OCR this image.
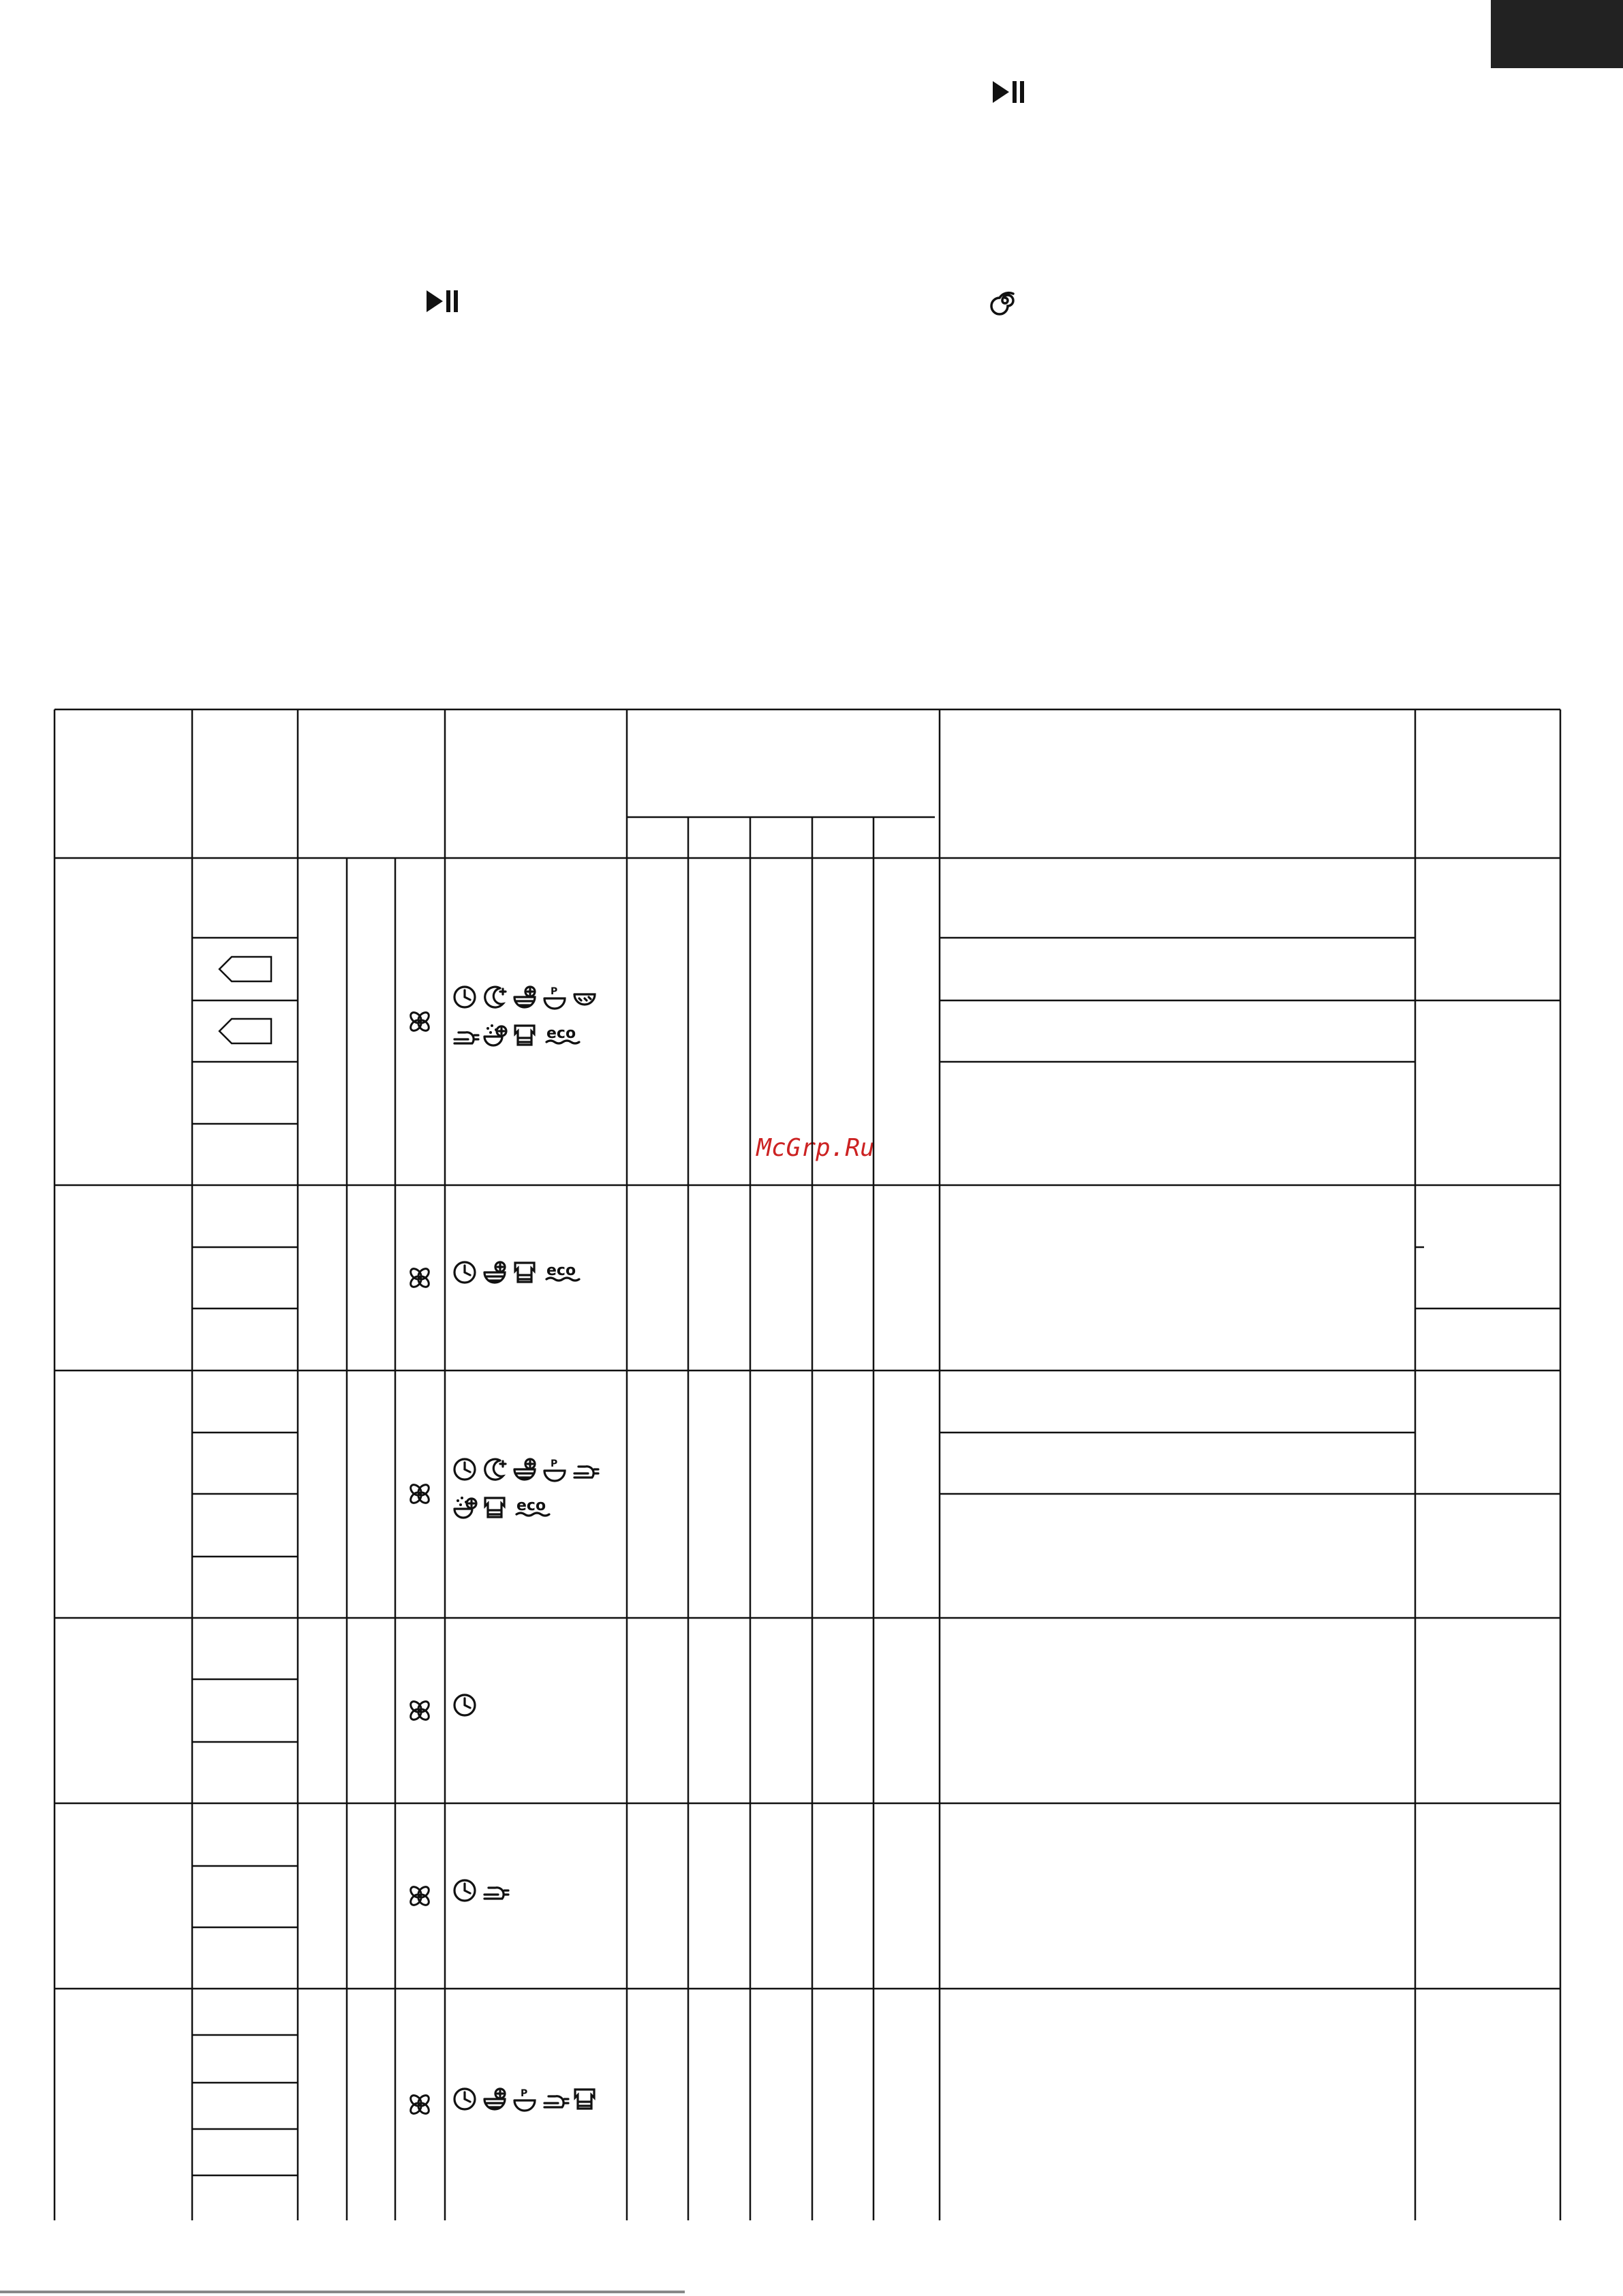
McGrp.Ru
P
eco
eco
P
eco
P
